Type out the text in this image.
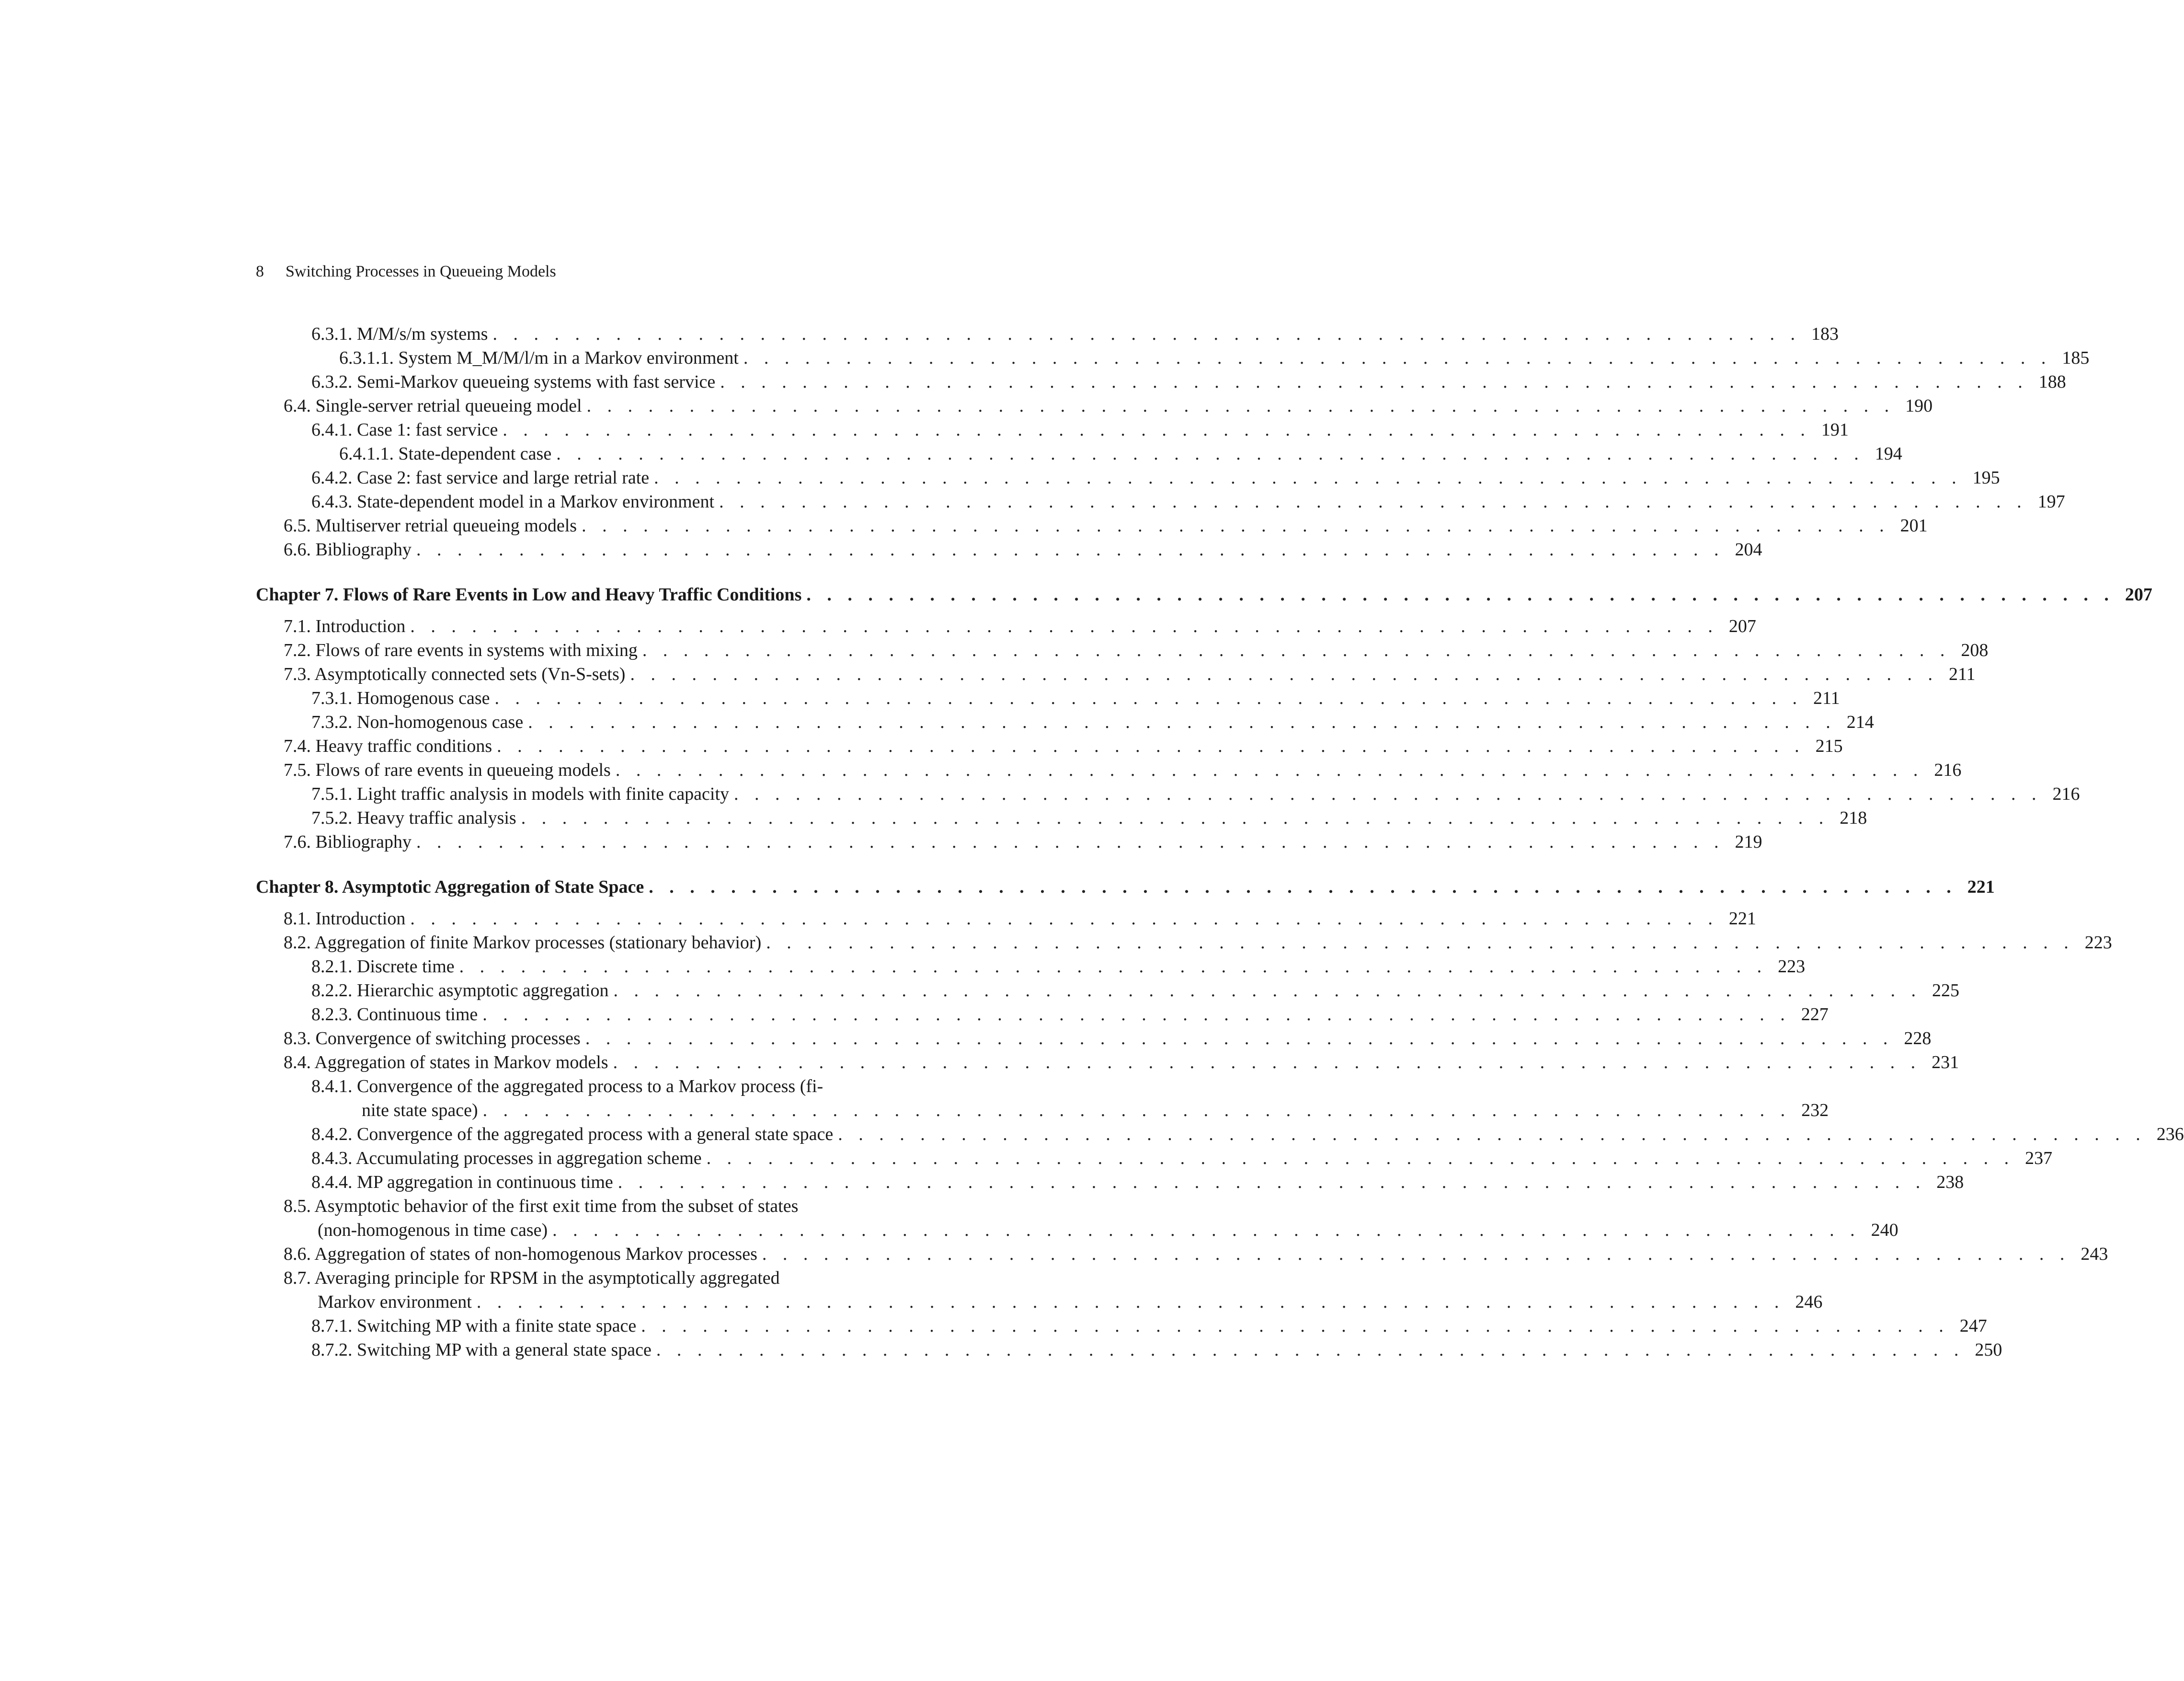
8 Switching Processes in Queueing Models
6.3.1. M/M/s/m systems . . . . . . . . . . . . . . . . . . . . . . . . . . . . . . . . . . . . . . . . . . . . . . . . . . . . . . . . . . . . . . . . 183
6.3.1.1. System M_M/M/l/m in a Markov environment . . . . . . . . . . . . . . . . . . . . . . . . . . . . . . . . . . . . . . . . . . . . . . . . . . . . . . . . . . . . . . . . 185
6.3.2. Semi-Markov queueing systems with fast service . . . . . . . . . . . . . . . . . . . . . . . . . . . . . . . . . . . . . . . . . . . . . . . . . . . . . . . . . . . . . . . . 188
6.4. Single-server retrial queueing model . . . . . . . . . . . . . . . . . . . . . . . . . . . . . . . . . . . . . . . . . . . . . . . . . . . . . . . . . . . . . . . . 190
6.4.1. Case 1: fast service . . . . . . . . . . . . . . . . . . . . . . . . . . . . . . . . . . . . . . . . . . . . . . . . . . . . . . . . . . . . . . . . 191
6.4.1.1. State-dependent case . . . . . . . . . . . . . . . . . . . . . . . . . . . . . . . . . . . . . . . . . . . . . . . . . . . . . . . . . . . . . . . . 194
6.4.2. Case 2: fast service and large retrial rate . . . . . . . . . . . . . . . . . . . . . . . . . . . . . . . . . . . . . . . . . . . . . . . . . . . . . . . . . . . . . . . . 195
6.4.3. State-dependent model in a Markov environment . . . . . . . . . . . . . . . . . . . . . . . . . . . . . . . . . . . . . . . . . . . . . . . . . . . . . . . . . . . . . . . . 197
6.5. Multiserver retrial queueing models . . . . . . . . . . . . . . . . . . . . . . . . . . . . . . . . . . . . . . . . . . . . . . . . . . . . . . . . . . . . . . . . 201
6.6. Bibliography . . . . . . . . . . . . . . . . . . . . . . . . . . . . . . . . . . . . . . . . . . . . . . . . . . . . . . . . . . . . . . . . 204
Chapter 7. Flows of Rare Events in Low and Heavy Traffic Conditions . . . . . . . . . . . . . . . . . . . . . . . . . . . . . . . . . . . . . . . . . . . . . . . . . . . . . . . . . . . . . . . . 207
7.1. Introduction . . . . . . . . . . . . . . . . . . . . . . . . . . . . . . . . . . . . . . . . . . . . . . . . . . . . . . . . . . . . . . . . 207
7.2. Flows of rare events in systems with mixing . . . . . . . . . . . . . . . . . . . . . . . . . . . . . . . . . . . . . . . . . . . . . . . . . . . . . . . . . . . . . . . . 208
7.3. Asymptotically connected sets (Vn-S-sets) . . . . . . . . . . . . . . . . . . . . . . . . . . . . . . . . . . . . . . . . . . . . . . . . . . . . . . . . . . . . . . . . 211
7.3.1. Homogenous case . . . . . . . . . . . . . . . . . . . . . . . . . . . . . . . . . . . . . . . . . . . . . . . . . . . . . . . . . . . . . . . . 211
7.3.2. Non-homogenous case . . . . . . . . . . . . . . . . . . . . . . . . . . . . . . . . . . . . . . . . . . . . . . . . . . . . . . . . . . . . . . . . 214
7.4. Heavy traffic conditions . . . . . . . . . . . . . . . . . . . . . . . . . . . . . . . . . . . . . . . . . . . . . . . . . . . . . . . . . . . . . . . . 215
7.5. Flows of rare events in queueing models . . . . . . . . . . . . . . . . . . . . . . . . . . . . . . . . . . . . . . . . . . . . . . . . . . . . . . . . . . . . . . . . 216
7.5.1. Light traffic analysis in models with finite capacity . . . . . . . . . . . . . . . . . . . . . . . . . . . . . . . . . . . . . . . . . . . . . . . . . . . . . . . . . . . . . . . . 216
7.5.2. Heavy traffic analysis . . . . . . . . . . . . . . . . . . . . . . . . . . . . . . . . . . . . . . . . . . . . . . . . . . . . . . . . . . . . . . . . 218
7.6. Bibliography . . . . . . . . . . . . . . . . . . . . . . . . . . . . . . . . . . . . . . . . . . . . . . . . . . . . . . . . . . . . . . . . 219
Chapter 8. Asymptotic Aggregation of State Space . . . . . . . . . . . . . . . . . . . . . . . . . . . . . . . . . . . . . . . . . . . . . . . . . . . . . . . . . . . . . . . . 221
8.1. Introduction . . . . . . . . . . . . . . . . . . . . . . . . . . . . . . . . . . . . . . . . . . . . . . . . . . . . . . . . . . . . . . . . 221
8.2. Aggregation of finite Markov processes (stationary behavior) . . . . . . . . . . . . . . . . . . . . . . . . . . . . . . . . . . . . . . . . . . . . . . . . . . . . . . . . . . . . . . . . 223
8.2.1. Discrete time . . . . . . . . . . . . . . . . . . . . . . . . . . . . . . . . . . . . . . . . . . . . . . . . . . . . . . . . . . . . . . . . 223
8.2.2. Hierarchic asymptotic aggregation . . . . . . . . . . . . . . . . . . . . . . . . . . . . . . . . . . . . . . . . . . . . . . . . . . . . . . . . . . . . . . . . 225
8.2.3. Continuous time . . . . . . . . . . . . . . . . . . . . . . . . . . . . . . . . . . . . . . . . . . . . . . . . . . . . . . . . . . . . . . . . 227
8.3. Convergence of switching processes . . . . . . . . . . . . . . . . . . . . . . . . . . . . . . . . . . . . . . . . . . . . . . . . . . . . . . . . . . . . . . . . 228
8.4. Aggregation of states in Markov models . . . . . . . . . . . . . . . . . . . . . . . . . . . . . . . . . . . . . . . . . . . . . . . . . . . . . . . . . . . . . . . . 231
8.4.1. Convergence of the aggregated process to a Markov process (fi-
nite state space) . . . . . . . . . . . . . . . . . . . . . . . . . . . . . . . . . . . . . . . . . . . . . . . . . . . . . . . . . . . . . . . . 232
8.4.2. Convergence of the aggregated process with a general state space . . . . . . . . . . . . . . . . . . . . . . . . . . . . . . . . . . . . . . . . . . . . . . . . . . . . . . . . . . . . . . . . 236
8.4.3. Accumulating processes in aggregation scheme . . . . . . . . . . . . . . . . . . . . . . . . . . . . . . . . . . . . . . . . . . . . . . . . . . . . . . . . . . . . . . . . 237
8.4.4. MP aggregation in continuous time . . . . . . . . . . . . . . . . . . . . . . . . . . . . . . . . . . . . . . . . . . . . . . . . . . . . . . . . . . . . . . . . 238
8.5. Asymptotic behavior of the first exit time from the subset of states
(non-homogenous in time case) . . . . . . . . . . . . . . . . . . . . . . . . . . . . . . . . . . . . . . . . . . . . . . . . . . . . . . . . . . . . . . . . 240
8.6. Aggregation of states of non-homogenous Markov processes . . . . . . . . . . . . . . . . . . . . . . . . . . . . . . . . . . . . . . . . . . . . . . . . . . . . . . . . . . . . . . . . 243
8.7. Averaging principle for RPSM in the asymptotically aggregated
Markov environment . . . . . . . . . . . . . . . . . . . . . . . . . . . . . . . . . . . . . . . . . . . . . . . . . . . . . . . . . . . . . . . . 246
8.7.1. Switching MP with a finite state space . . . . . . . . . . . . . . . . . . . . . . . . . . . . . . . . . . . . . . . . . . . . . . . . . . . . . . . . . . . . . . . . 247
8.7.2. Switching MP with a general state space . . . . . . . . . . . . . . . . . . . . . . . . . . . . . . . . . . . . . . . . . . . . . . . . . . . . . . . . . . . . . . . . 250
